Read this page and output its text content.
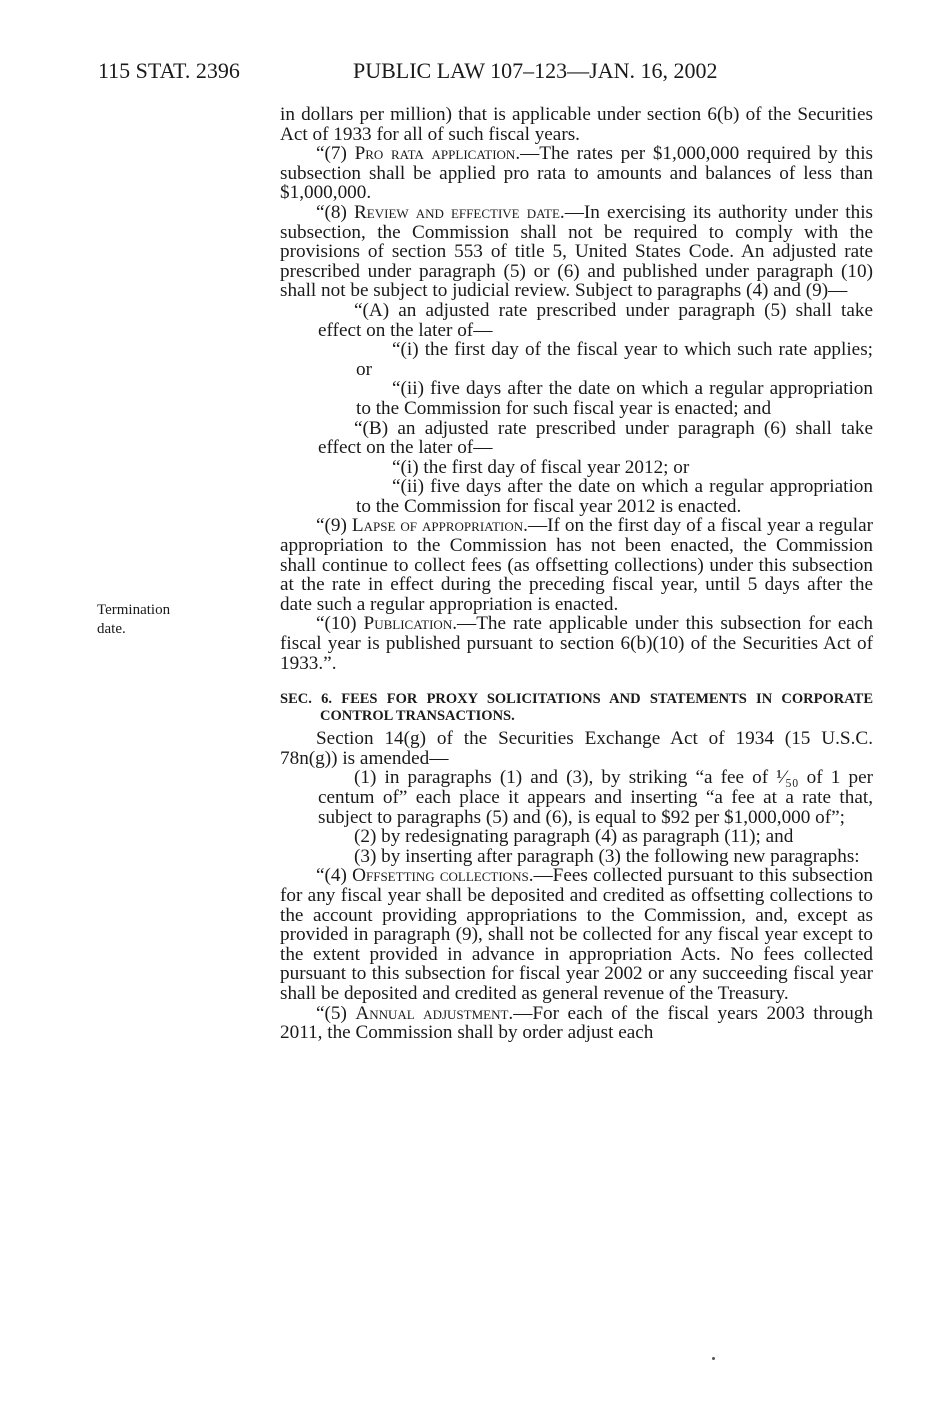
115 STAT. 2396	PUBLIC LAW 107–123—JAN. 16, 2002
Termination
date.

in dollars per million) that is applicable under section 6(b) of the Securities Act of 1933 for all of such fiscal years.

“(7) Pro rata application.—The rates per $1,000,000 required by this subsection shall be applied pro rata to amounts and balances of less than $1,000,000.

“(8) Review and effective date.—In exercising its authority under this subsection, the Commission shall not be required to comply with the provisions of section 553 of title 5, United States Code. An adjusted rate prescribed under paragraph (5) or (6) and published under paragraph (10) shall not be subject to judicial review. Subject to paragraphs (4) and (9)—

“(A) an adjusted rate prescribed under paragraph (5) shall take effect on the later of—

“(i) the first day of the fiscal year to which such rate applies; or

“(ii) five days after the date on which a regular appropriation to the Commission for such fiscal year is enacted; and

“(B) an adjusted rate prescribed under paragraph (6) shall take effect on the later of—

“(i) the first day of fiscal year 2012; or

“(ii) five days after the date on which a regular appropriation to the Commission for fiscal year 2012 is enacted.

“(9) Lapse of appropriation.—If on the first day of a fiscal year a regular appropriation to the Commission has not been enacted, the Commission shall continue to collect fees (as offsetting collections) under this subsection at the rate in effect during the preceding fiscal year, until 5 days after the date such a regular appropriation is enacted.

“(10) Publication.—The rate applicable under this subsection for each fiscal year is published pursuant to section 6(b)(10) of the Securities Act of 1933.”.

SEC. 6. FEES FOR PROXY SOLICITATIONS AND STATEMENTS IN CORPORATE CONTROL TRANSACTIONS.

Section 14(g) of the Securities Exchange Act of 1934 (15 U.S.C. 78n(g)) is amended—

(1) in paragraphs (1) and (3), by striking “a fee of ¹⁄₅₀ of 1 per centum of” each place it appears and inserting “a fee at a rate that, subject to paragraphs (5) and (6), is equal to $92 per $1,000,000 of”;

(2) by redesignating paragraph (4) as paragraph (11); and

(3) by inserting after paragraph (3) the following new paragraphs:

“(4) Offsetting collections.—Fees collected pursuant to this subsection for any fiscal year shall be deposited and credited as offsetting collections to the account providing appropriations to the Commission, and, except as provided in paragraph (9), shall not be collected for any fiscal year except to the extent provided in advance in appropriation Acts. No fees collected pursuant to this subsection for fiscal year 2002 or any succeeding fiscal year shall be deposited and credited as general revenue of the Treasury.

“(5) Annual adjustment.—For each of the fiscal years 2003 through 2011, the Commission shall by order adjust each
